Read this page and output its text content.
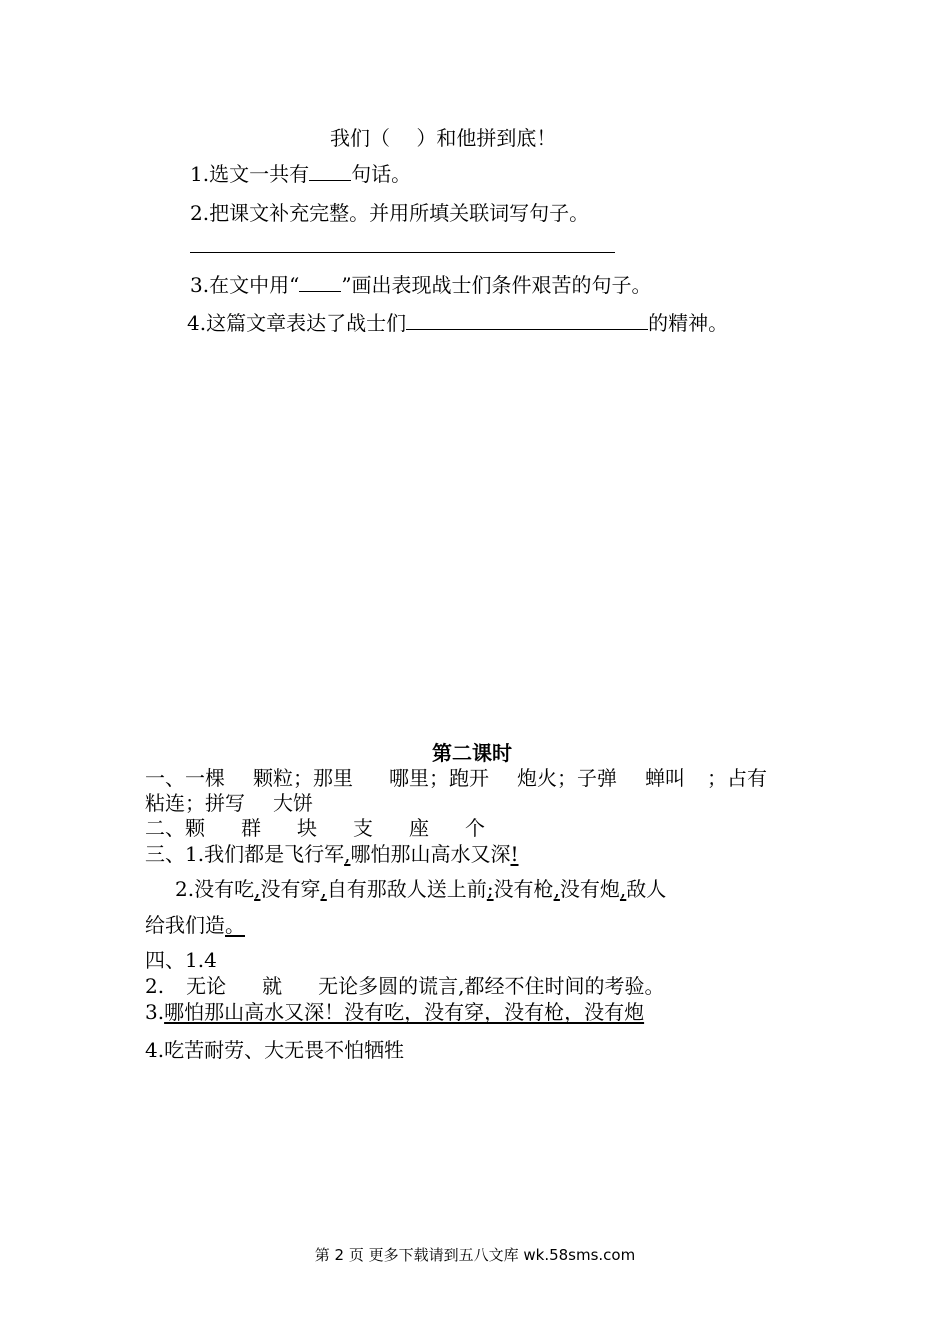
我们（　 ）和他拼到底！
1.选文一共有 句话。
2.把课文补充完整。并用所填关联词写句子。
3.在文中用“ ”画出表现战士们条件艰苦的句子。
4.这篇文章表达了战士们	的精神。
第二课时
一、一棵 颗粒；那里 哪里；跑开 炮火；子弹 蝉叫 ；占有
粘连；拼写 大饼
二、颗 群 块 支 座 个
三、1.我们都是飞行军,哪怕那山高水又深!
2.没有吃,没有穿,自有那敌人送上前;没有枪,没有炮,敌人
给我们造。
四、1.4
2. 无论 就 无论多圆的谎言,都经不住时间的考验。
3.哪怕那山高水又深！没有吃，没有穿，没有枪，没有炮
4.吃苦耐劳、大无畏不怕牺牲
第 2 页 更多下载请到五八文库 wk.58sms.com
